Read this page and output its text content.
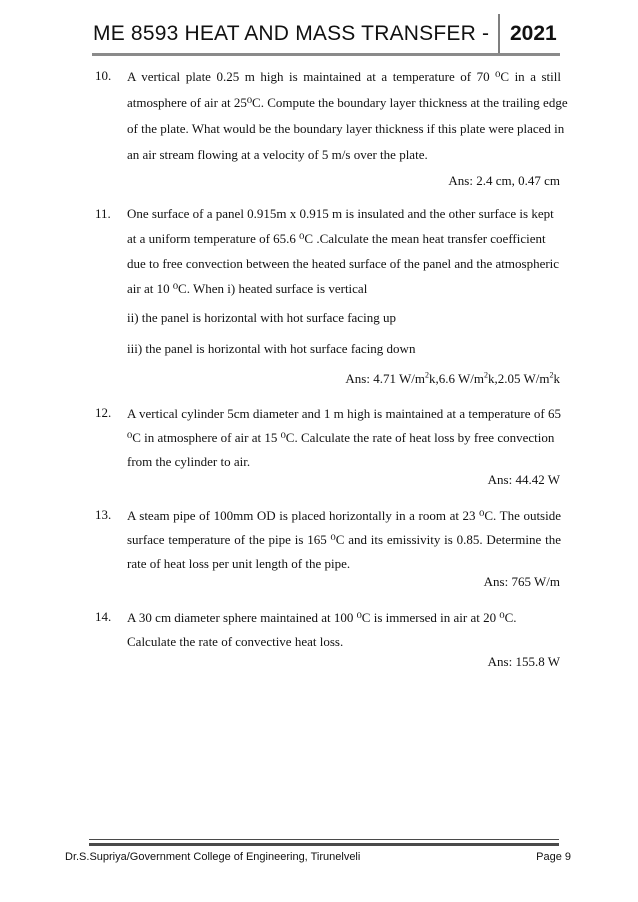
ME 8593 HEAT AND MASS TRANSFER - 2021
10. A vertical plate 0.25 m high is maintained at a temperature of 70 ⁰C in a still
atmosphere of air at 25⁰C. Compute the boundary layer thickness at the trailing edge
of the plate. What would be the boundary layer thickness if this plate were placed in
an air stream flowing at a velocity of 5 m/s over the plate.
Ans: 2.4 cm, 0.47 cm
11. One surface of a panel 0.915m x 0.915 m is insulated and the other surface is kept
at a uniform temperature of 65.6 ⁰C .Calculate the mean heat transfer coefficient
due to free convection between the heated surface of the panel and the atmospheric
air at 10 ⁰C. When i) heated surface is vertical
ii) the panel is horizontal with hot surface facing up
iii) the panel is horizontal with hot surface facing down
Ans: 4.71 $W/m^2k,6.6$ $W/m^2k,2.05$ $W/m^2k$
12. A vertical cylinder 5cm diameter and 1 m high is maintained at a temperature of 65
⁰C in atmosphere of air at 15 ⁰C. Calculate the rate of heat loss by free convection
from the cylinder to air.
Ans: 44.42 W
13. A steam pipe of 100mm OD is placed horizontally in a room at 23 ⁰C. The outside
surface temperature of the pipe is 165 ⁰C and its emissivity is 0.85. Determine the
rate of heat loss per unit length of the pipe.
Ans: 765 W/m
14. A 30 cm diameter sphere maintained at 100 ⁰C is immersed in air at 20 ⁰C.
Calculate the rate of convective heat loss.
Ans: 155.8 W
Dr.S.Supriya/Government College of Engineering, Tirunelveli	Page 9
